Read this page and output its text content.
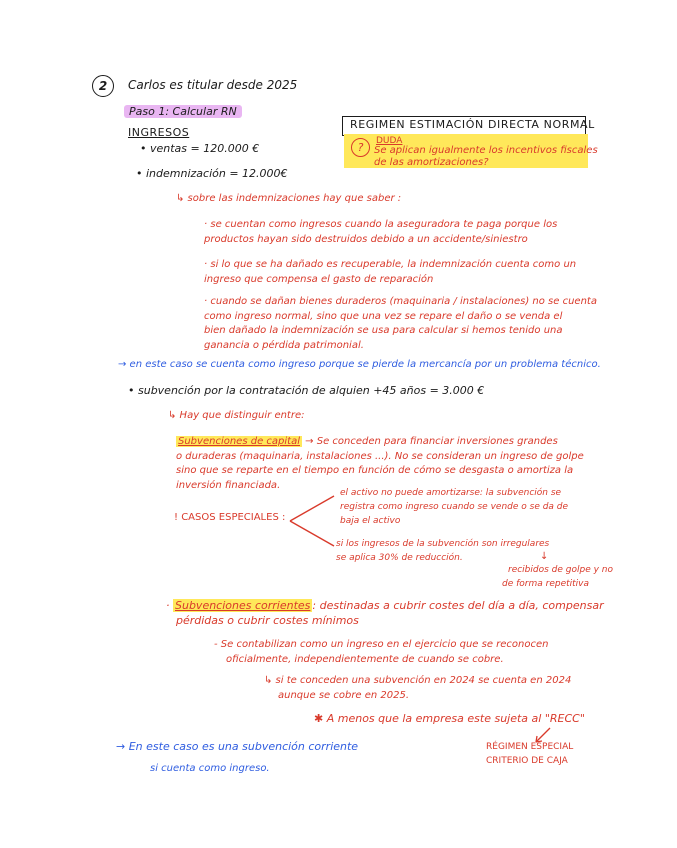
2	Carlos es titular desde 2025
Paso 1: Calcular RN
INGRESOS
• ventas = 120.000 €
• indemnización = 12.000€
REGIMEN ESTIMACIÓN DIRECTA NORMAL
?	DUDA
Se aplican igualmente los incentivos fiscales
de las amortizaciones?
↳ sobre las indemnizaciones hay que saber :
· se cuentan como ingresos cuando la aseguradora te paga porque los
productos hayan sido destruidos debido a un accidente/siniestro
· si lo que se ha dañado es recuperable, la indemnización cuenta como un
ingreso que compensa el gasto de reparación
· cuando se dañan bienes duraderos (maquinaria / instalaciones) no se cuenta
como ingreso normal, sino que una vez se repare el daño o se venda el
bien dañado la indemnización se usa para calcular si hemos tenido una
ganancia o pérdida patrimonial.
→ en este caso se cuenta como ingreso porque se pierde la mercancía por un problema técnico.
• subvención por la contratación de alquien +45 años = 3.000 €
↳ Hay que distinguir entre:
Subvenciones de capital → Se conceden para financiar inversiones grandes
o duraderas (maquinaria, instalaciones ...). No se consideran un ingreso de golpe
sino que se reparte en el tiempo en función de cómo se desgasta o amortiza la
inversión financiada.
! CASOS ESPECIALES :
el activo no puede amortizarse: la subvención se
registra como ingreso cuando se vende o se da de
baja el activo
si los ingresos de la subvención son irregulares
se aplica 30% de reducción.	↓
recibidos de golpe y no
de forma repetitiva
· Subvenciones corrientes : destinadas a cubrir costes del día a día, compensar
pérdidas o cubrir costes mínimos
- Se contabilizan como un ingreso en el ejercicio que se reconocen
oficialmente, independientemente de cuando se cobre.
↳ si te conceden una subvención en 2024 se cuenta en 2024
aunque se cobre en 2025.
✱ A menos que la empresa este sujeta al "RECC"
RÉGIMEN ESPECIAL
CRITERIO DE CAJA
→ En este caso es una subvención corriente
si cuenta como ingreso.
